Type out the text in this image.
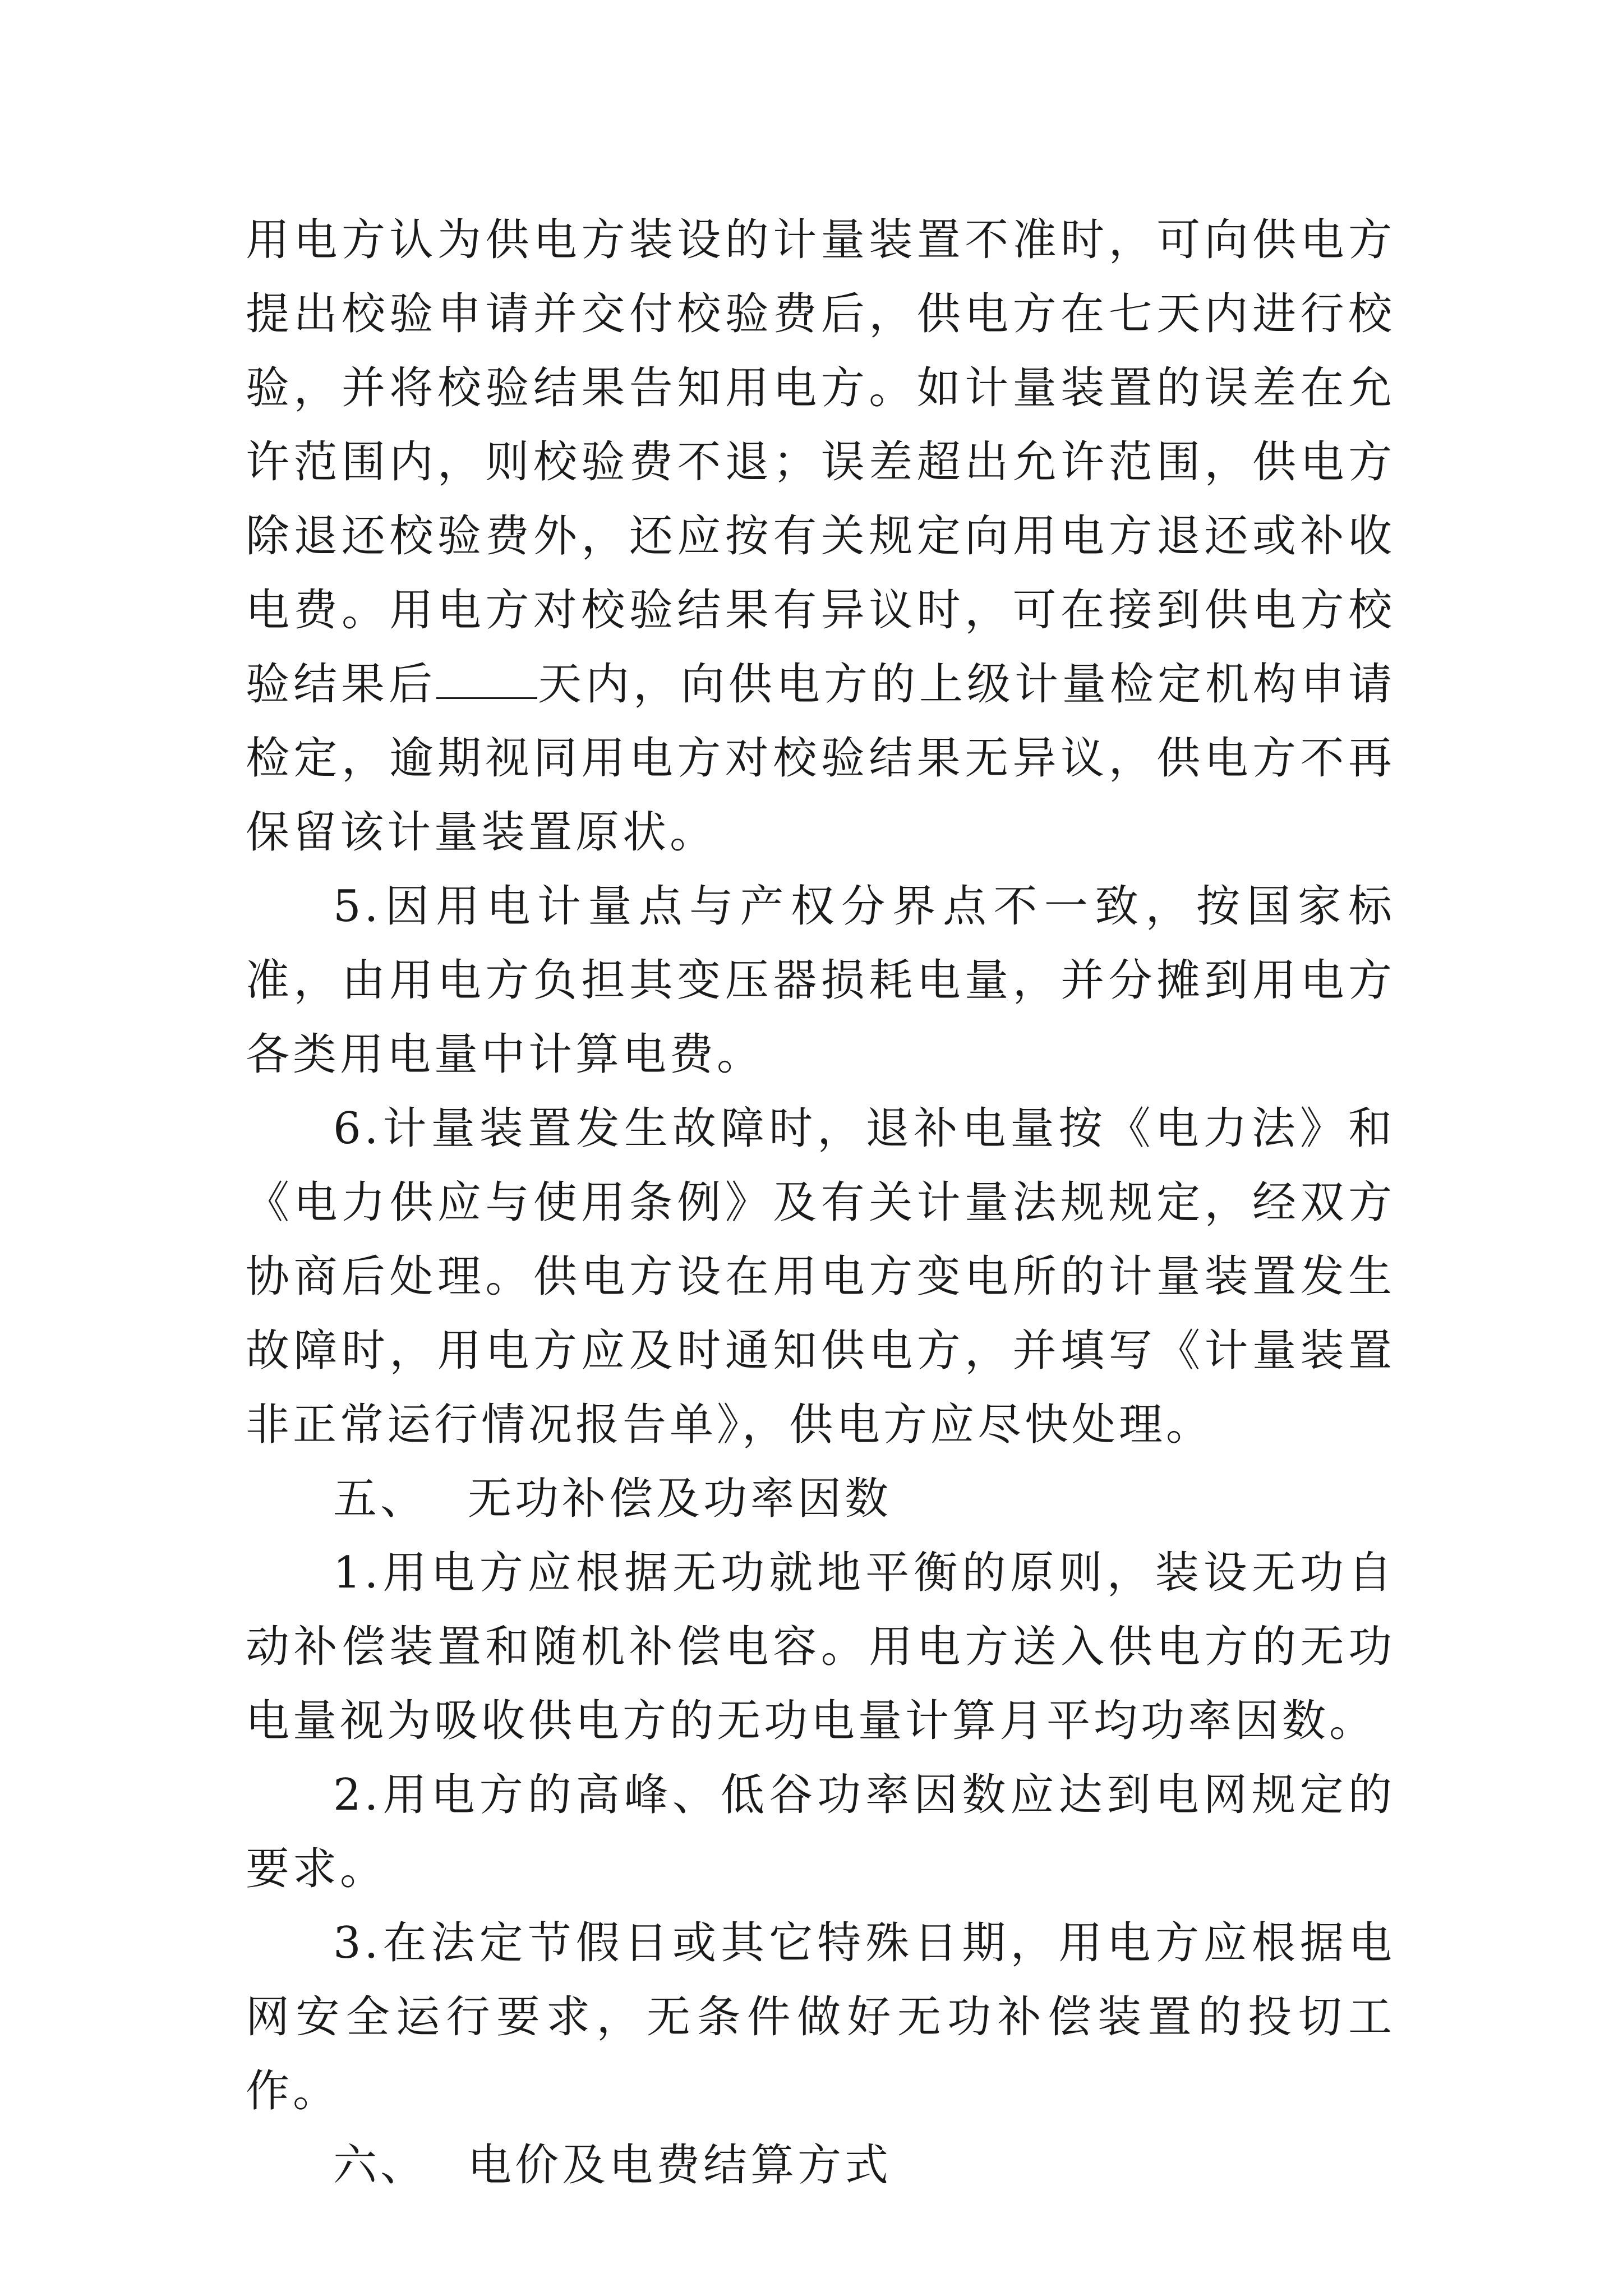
用电方认为供电方装设的计量装置不准时，可向供电方提出校验申请并交付校验费后，供电方在七天内进行校验，并将校验结果告知用电方。如计量装置的误差在允许范围内，则校验费不退；误差超出允许范围，供电方除退还校验费外，还应按有关规定向用电方退还或补收电费。用电方对校验结果有异议时，可在接到供电方校验结果后 天内，向供电方的上级计量检定机构申请检定，逾期视同用电方对校验结果无异议，供电方不再保留该计量装置原状。

5.因用电计量点与产权分界点不一致，按国家标准，由用电方负担其变压器损耗电量，并分摊到用电方各类用电量中计算电费。

6.计量装置发生故障时，退补电量按《电力法》和《电力供应与使用条例》及有关计量法规规定，经双方协商后处理。供电方设在用电方变电所的计量装置发生故障时，用电方应及时通知供电方，并填写《计量装置非正常运行情况报告单》，供电方应尽快处理。

五、 无功补偿及功率因数

1.用电方应根据无功就地平衡的原则，装设无功自动补偿装置和随机补偿电容。用电方送入供电方的无功电量视为吸收供电方的无功电量计算月平均功率因数。

2.用电方的高峰、低谷功率因数应达到电网规定的要求。

3.在法定节假日或其它特殊日期，用电方应根据电网安全运行要求，无条件做好无功补偿装置的投切工作。

六、 电价及电费结算方式
